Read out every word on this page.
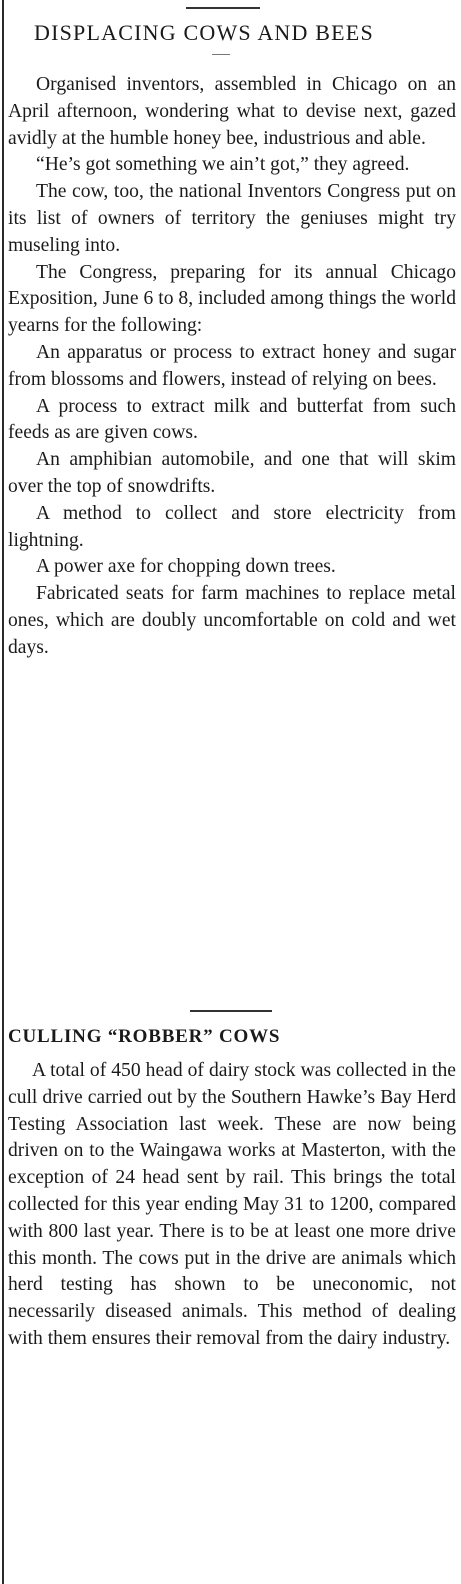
DISPLACING COWS AND BEES

Organised inventors, assembled in Chicago on an April afternoon, wondering what to devise next, gazed avidly at the humble honey bee, industrious and able.

“He’s got something we ain’t got,” they agreed.

The cow, too, the national Inventors Congress put on its list of owners of territory the geniuses might try museling into.

The Congress, preparing for its annual Chicago Exposition, June 6 to 8, included among things the world yearns for the following:

An apparatus or process to extract honey and sugar from blossoms and flowers, instead of relying on bees.

A process to extract milk and butterfat from such feeds as are given cows.

An amphibian automobile, and one that will skim over the top of snowdrifts.

A method to collect and store electricity from lightning.

A power axe for chopping down trees.

Fabricated seats for farm machines to replace metal ones, which are doubly uncomfortable on cold and wet days.

CULLING “ROBBER” COWS

A total of 450 head of dairy stock was collected in the cull drive carried out by the Southern Hawke’s Bay Herd Testing Association last week. These are now being driven on to the Waingawa works at Masterton, with the exception of 24 head sent by rail. This brings the total collected for this year ending May 31 to 1200, compared with 800 last year. There is to be at least one more drive this month. The cows put in the drive are animals which herd testing has shown to be uneconomic, not necessarily diseased animals. This method of dealing with them ensures their removal from the dairy industry.
